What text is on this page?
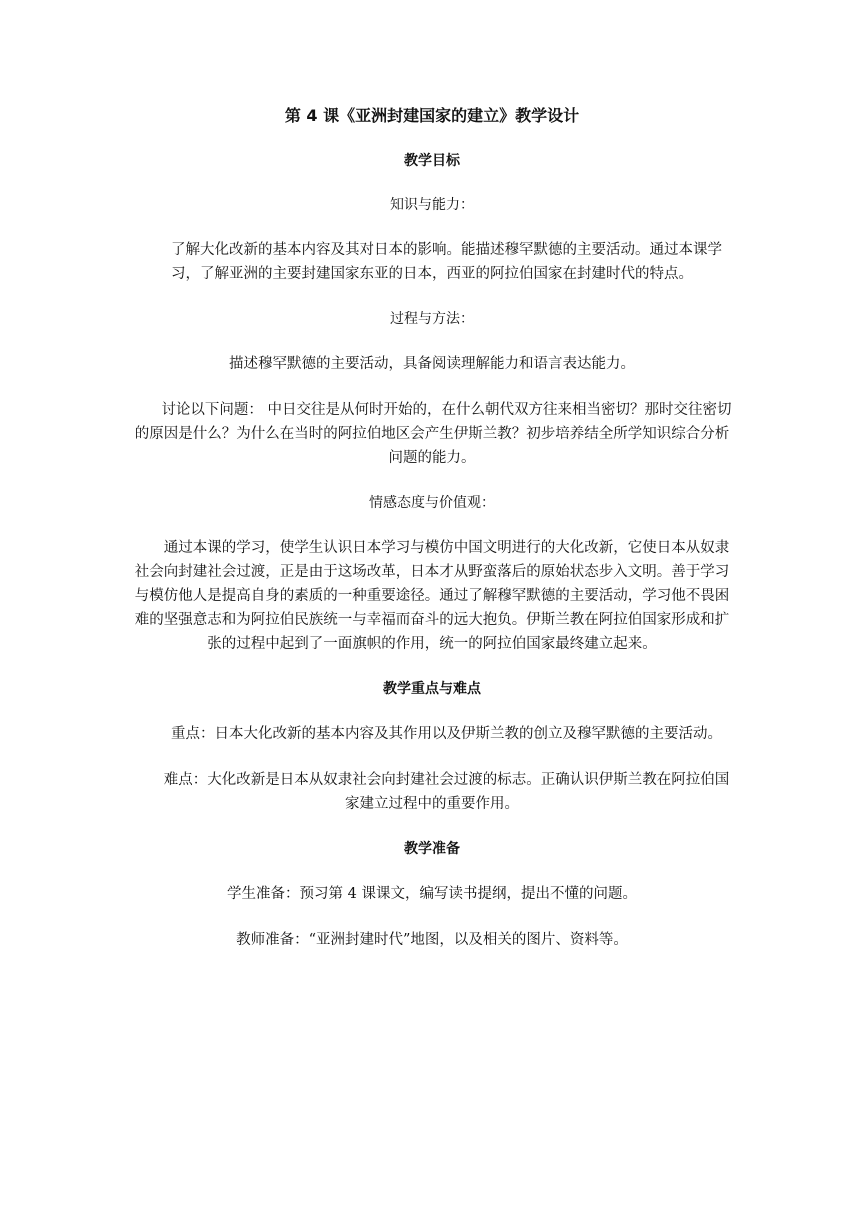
第 4 课《亚洲封建国家的建立》教学设计
教学目标
知识与能力：
了解大化改新的基本内容及其对日本的影响。能描述穆罕默德的主要活动。通过本课学习，了解亚洲的主要封建国家东亚的日本，西亚的阿拉伯国家在封建时代的特点。
过程与方法：
描述穆罕默德的主要活动，具备阅读理解能力和语言表达能力。
讨论以下问题： 中日交往是从何时开始的，在什么朝代双方往来相当密切？那时交往密切的原因是什么？为什么在当时的阿拉伯地区会产生伊斯兰教？初步培养结全所学知识综合分析问题的能力。
情感态度与价值观：
通过本课的学习，使学生认识日本学习与模仿中国文明进行的大化改新，它使日本从奴隶社会向封建社会过渡，正是由于这场改革，日本才从野蛮落后的原始状态步入文明。善于学习与模仿他人是提高自身的素质的一种重要途径。通过了解穆罕默德的主要活动，学习他不畏困难的坚强意志和为阿拉伯民族统一与幸福而奋斗的远大抱负。伊斯兰教在阿拉伯国家形成和扩张的过程中起到了一面旗帜的作用，统一的阿拉伯国家最终建立起来。
教学重点与难点
重点：日本大化改新的基本内容及其作用以及伊斯兰教的创立及穆罕默德的主要活动。
难点：大化改新是日本从奴隶社会向封建社会过渡的标志。正确认识伊斯兰教在阿拉伯国家建立过程中的重要作用。
教学准备
学生准备：预习第 4 课课文，编写读书提纲，提出不懂的问题。
教师准备：“亚洲封建时代”地图，以及相关的图片、资料等。
